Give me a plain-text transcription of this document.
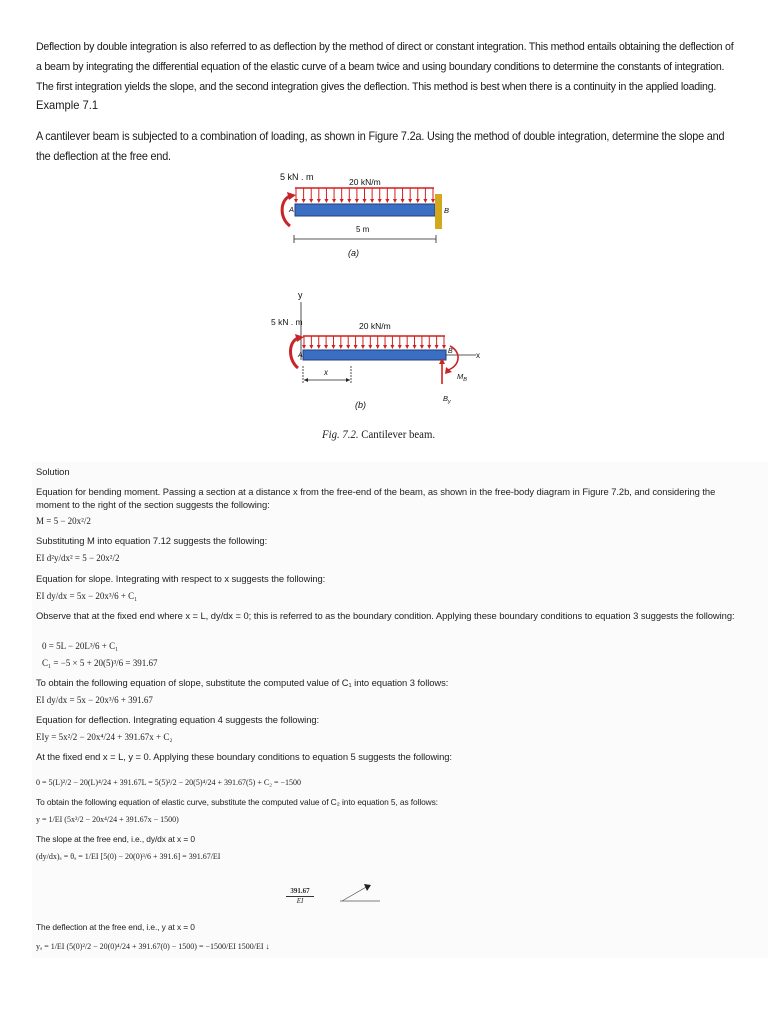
Deflection by double integration is also referred to as deflection by the method of direct or constant integration. This method entails obtaining the deflection of a beam by integrating the differential equation of the elastic curve of a beam twice and using boundary conditions to determine the constants of integration. The first integration yields the slope, and the second integration gives the deflection. This method is best when there is a continuity in the applied loading.
Example 7.1
A cantilever beam is subjected to a combination of loading, as shown in Figure 7.2a. Using the method of double integration, determine the slope and the deflection at the free end.
5 kN . m	20 kN/m
A	B
5 m
(a)
y
5 kN . m	20 kN/m
x
A
B
$M_B$
$B_y$
x
(b)
Fig. 7.2. Cantilever beam.
Solution
Equation for bending moment. Passing a section at a distance x from the free-end of the beam, as shown in the free-body diagram in Figure 7.2b, and considering the moment to the right of the section suggests the following:
M = 5 − 20x²/2
Substituting M into equation 7.12 suggests the following:
EI d²y/dx² = 5 − 20x²/2
Equation for slope. Integrating with respect to x suggests the following:
EI dy/dx = 5x − 20x³/6 + C₁
Observe that at the fixed end where x = L, dy/dx = 0; this is referred to as the boundary condition. Applying these boundary conditions to equation 3 suggests the following:
0 = 5L − 20L³/6 + C₁
C₁ = −5 × 5 + 20(5)³/6 = 391.67
To obtain the following equation of slope, substitute the computed value of C₁ into equation 3 follows:
EI dy/dx = 5x − 20x³/6 + 391.67
Equation for deflection. Integrating equation 4 suggests the following:
EIy = 5x²/2 − 20x⁴/24 + 391.67x + C₂
At the fixed end x = L, y = 0. Applying these boundary conditions to equation 5 suggests the following:
0 = 5(L)²/2 − 20(L)⁴/24 + 391.67L = 5(5)²/2 − 20(5)⁴/24 + 391.67(5) + C₂ = −1500
To obtain the following equation of elastic curve, substitute the computed value of C₂ into equation 5, as follows:
y = 1/EI (5x²/2 − 20x⁴/24 + 391.67x − 1500)
The slope at the free end, i.e., dy/dx at x = 0
(dy/dx)ₐ = θₐ = 1/EI [5(0) − 20(0)³/6 + 391.6] = 391.67/EI
$\frac{391.67}{EI}$
The deflection at the free end, i.e., y at x = 0
yₐ = 1/EI (5(0)²/2 − 20(0)⁴/24 + 391.67(0) − 1500) = −1500/EI 1500/EI ↓
